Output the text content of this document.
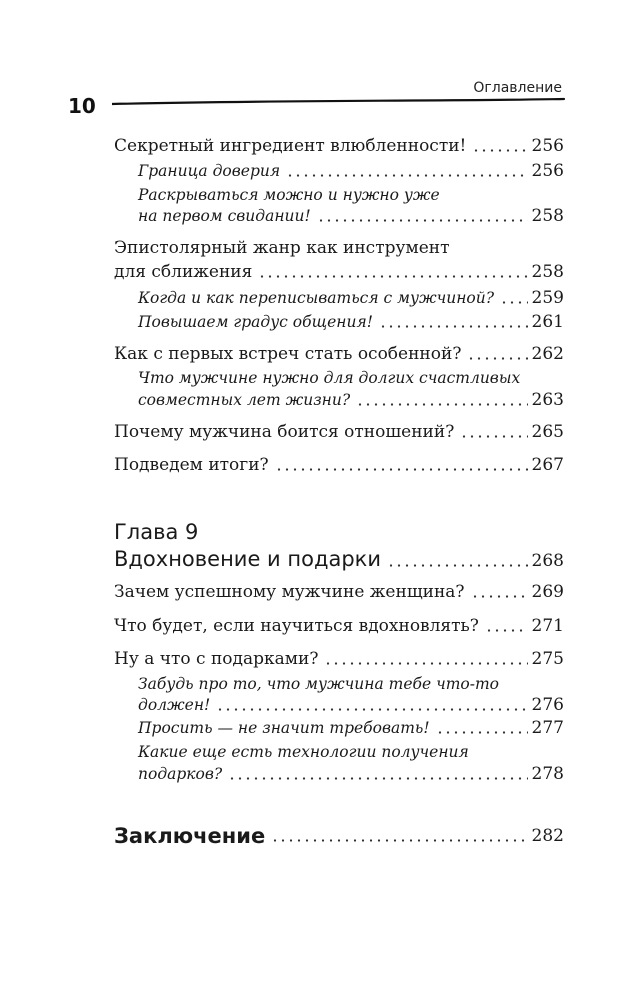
Оглавление
10
Секретный ингредиент влюбленности!	256
Граница доверия	256
Раскрываться можно и нужно уже
на первом свидании!	258
Эпистолярный жанр как инструмент
для сближения	258
Когда и как переписываться с мужчиной? 259
Повышаем градус общения!	261
Как с первых встреч стать особенной?	262
Что мужчине нужно для долгих счастливых
совместных лет жизни?	263
Почему мужчина боится отношений?	265
Подведем итоги?	267
Глава 9
Вдохновение и подарки	268
Зачем успешному мужчине женщина?	269
Что будет, если научиться вдохновлять?	271
Ну а что с подарками?	275
Забудь про то, что мужчина тебе что-то
должен!	276
Просить — не значит требовать!	277
Какие еще есть технологии получения
подарков?	278
Заключение	282
